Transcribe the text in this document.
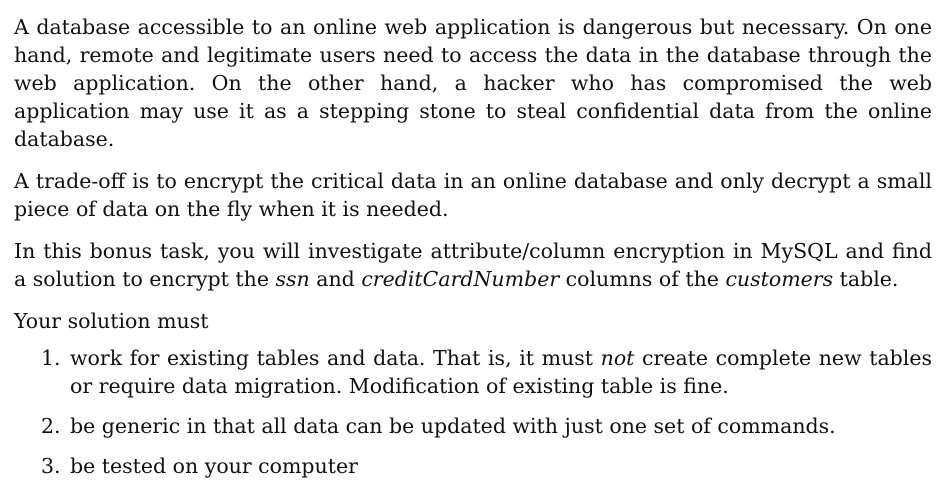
A database accessible to an online web application is dangerous but necessary. On one hand, remote and legitimate users need to access the data in the database through the web application. On the other hand, a hacker who has compromised the web application may use it as a stepping stone to steal confidential data from the online database.

A trade-off is to encrypt the critical data in an online database and only decrypt a small piece of data on the fly when it is needed.

In this bonus task, you will investigate attribute/column encryption in MySQL and find a solution to encrypt the ssn and creditCardNumber columns of the customers table.

Your solution must

1. work for existing tables and data. That is, it must not create complete new tables or require data migration. Modification of existing table is fine.
2. be generic in that all data can be updated with just one set of commands.
3. be tested on your computer
